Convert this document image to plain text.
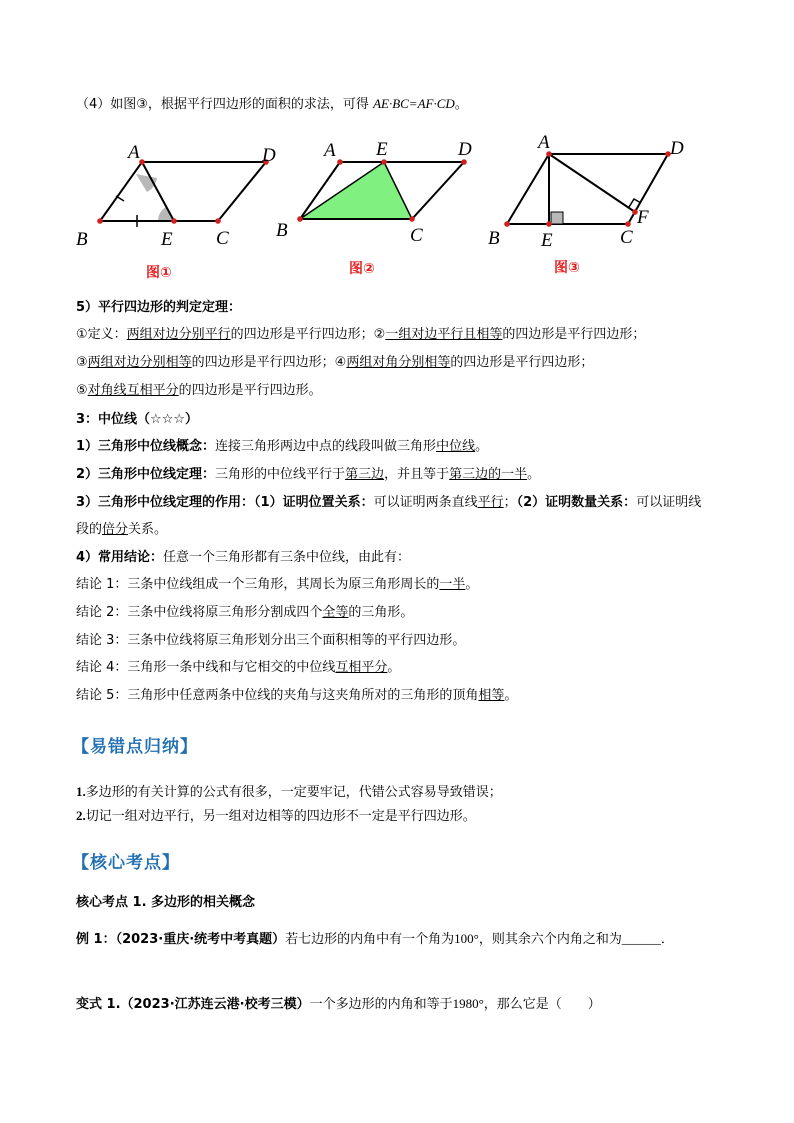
（4）如图③，根据平行四边形的面积的求法，可得 AE·BC=AF·CD。
A	D
B	E C
图①
A E	D
B	C
图②
A	D
F
B E	C
图③
5）平行四边形的判定定理：
①定义：两组对边分别平行的四边形是平行四边形；②一组对边平行且相等的四边形是平行四边形；
③两组对边分别相等的四边形是平行四边形；④两组对角分别相等的四边形是平行四边形；
⑤对角线互相平分的四边形是平行四边形。
3：中位线（☆☆☆）
1）三角形中位线概念：连接三角形两边中点的线段叫做三角形中位线。
2）三角形中位线定理：三角形的中位线平行于第三边，并且等于第三边的一半。
3）三角形中位线定理的作用：（1）证明位置关系：可以证明两条直线平行；（2）证明数量关系：可以证明线
段的倍分关系。
4）常用结论：任意一个三角形都有三条中位线，由此有：
结论 1：三条中位线组成一个三角形，其周长为原三角形周长的一半。
结论 2：三条中位线将原三角形分割成四个全等的三角形。
结论 3：三条中位线将原三角形划分出三个面积相等的平行四边形。
结论 4：三角形一条中线和与它相交的中位线互相平分。
结论 5：三角形中任意两条中位线的夹角与这夹角所对的三角形的顶角相等。
【易错点归纳】
1.多边形的有关计算的公式有很多，一定要牢记，代错公式容易导致错误；
2.切记一组对边平行，另一组对边相等的四边形不一定是平行四边形。
【核心考点】
核心考点 1. 多边形的相关概念
例 1：（2023·重庆·统考中考真题）若七边形的内角中有一个角为100°，则其余六个内角之和为______．
变式 1.（2023·江苏连云港·校考三模）一个多边形的内角和等于1980°，那么它是（　　）
